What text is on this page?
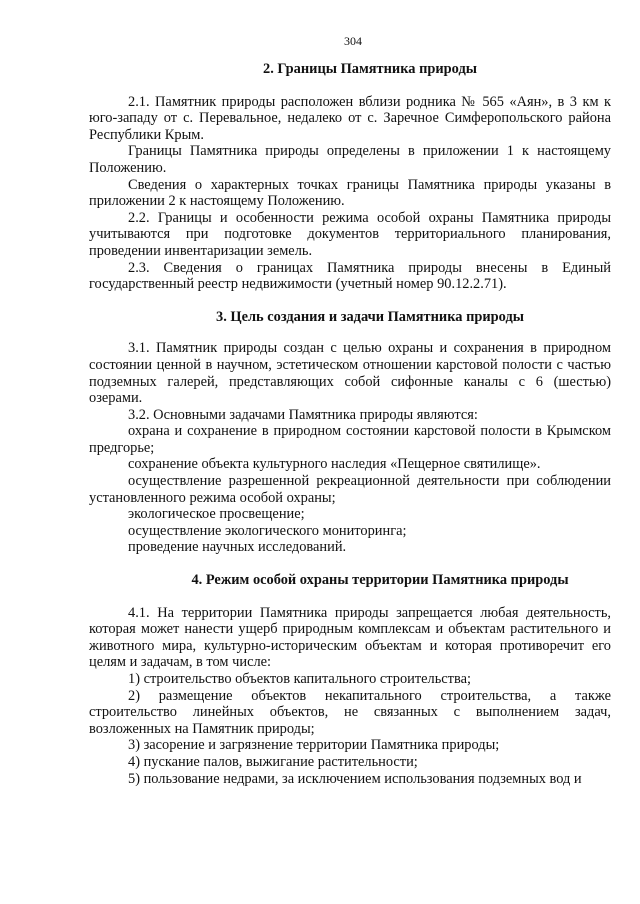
304
2. Границы Памятника природы

2.1. Памятник природы расположен вблизи родника № 565 «Аян», в 3 км к юго-западу от с. Перевальное, недалеко от с. Заречное Симферопольского района Республики Крым.

Границы Памятника природы определены в приложении 1 к настоящему Положению.

Сведения о характерных точках границы Памятника природы указаны в приложении 2 к настоящему Положению.

2.2. Границы и особенности режима особой охраны Памятника природы учитываются при подготовке документов территориального планирования, проведении инвентаризации земель.

2.3. Сведения о границах Памятника природы внесены в Единый государственный реестр недвижимости (учетный номер 90.12.2.71).

3. Цель создания и задачи Памятника природы

3.1. Памятник природы создан с целью охраны и сохранения в природном состоянии ценной в научном, эстетическом отношении карстовой полости с частью подземных галерей, представляющих собой сифонные каналы с 6 (шестью) озерами.

3.2. Основными задачами Памятника природы являются:

охрана и сохранение в природном состоянии карстовой полости в Крымском предгорье;

сохранение объекта культурного наследия «Пещерное святилище».

осуществление разрешенной рекреационной деятельности при соблюдении установленного режима особой охраны;

экологическое просвещение;

осуществление экологического мониторинга;

проведение научных исследований.

4. Режим особой охраны территории Памятника природы

4.1. На территории Памятника природы запрещается любая деятельность, которая может нанести ущерб природным комплексам и объектам растительного и животного мира, культурно-историческим объектам и которая противоречит его целям и задачам, в том числе:

1) строительство объектов капитального строительства;

2) размещение объектов некапитального строительства, а также строительство линейных объектов, не связанных с выполнением задач, возложенных на Памятник природы;

3) засорение и загрязнение территории Памятника природы;

4) пускание палов, выжигание растительности;

5) пользование недрами, за исключением использования подземных вод и
